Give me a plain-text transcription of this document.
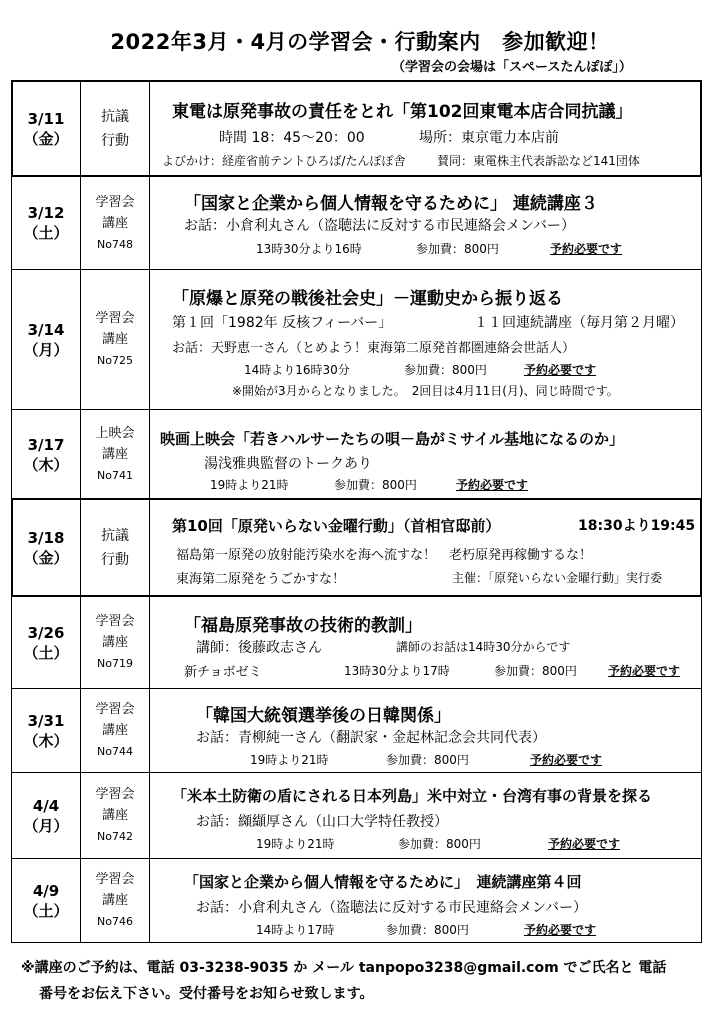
2022年3月・4月の学習会・行動案内　参加歓迎！
（学習会の会場は「スペースたんぽぽ」）
3/11
（金）
抗議
行動
東電は原発事故の責任をとれ「第102回東電本店合同抗議」
時間 18：45〜20：00	場所：東京電力本店前
よびかけ：経産省前テントひろば/たんぽぽ舎	賛同：東電株主代表訴訟など141団体
3/12
（土）
学習会
講座
No748
「国家と企業から個人情報を守るために」 連続講座３
お話：小倉利丸さん（盗聴法に反対する市民連絡会メンバー）
13時30分より16時	参加費：800円	予約必要です
3/14
（月）
学習会
講座
No725
「原爆と原発の戦後社会史」－運動史から振り返る
第１回「1982年 反核フィーバー」	１１回連続講座（毎月第２月曜）
お話：天野恵一さん（とめよう！東海第二原発首都圏連絡会世話人）
14時より16時30分	参加費：800円	予約必要です
※開始が3月からとなりました。　2回目は4月11日(月)、同じ時間です。
3/17
（木）
上映会
講座
No741
映画上映会「若きハルサーたちの唄－島がミサイル基地になるのか」
湯浅雅典監督のトークあり
19時より21時	参加費：800円	予約必要です
3/18
（金）
抗議
行動
第10回「原発いらない金曜行動」（首相官邸前）	18:30より19:45
福島第一原発の放射能汚染水を海へ流すな！　老朽原発再稼働するな！
東海第二原発をうごかすな！	主催：「原発いらない金曜行動」実行委
3/26
（土）
学習会
講座
No719
「福島原発事故の技術的教訓」
講師：後藤政志さん	講師のお話は14時30分からです
新チョボゼミ	13時30分より17時	参加費：800円	予約必要です
3/31
（木）
学習会
講座
No744
「韓国大統領選挙後の日韓関係」
お話：青柳純一さん（翻訳家・金起林記念会共同代表）
19時より21時	参加費：800円	予約必要です
4/4
（月）
学習会
講座
No742
「米本土防衛の盾にされる日本列島」米中対立・台湾有事の背景を探る
お話：纐纈厚さん（山口大学特任教授）
19時より21時	参加費：800円	予約必要です
4/9
（土）
学習会
講座
No746
「国家と企業から個人情報を守るために」　連続講座第４回
お話：小倉利丸さん（盗聴法に反対する市民連絡会メンバー）
14時より17時	参加費：800円	予約必要です
※講座のご予約は、電話 03-3238-9035 か メール tanpopo3238@gmail.com でご氏名と 電話
番号をお伝え下さい。受付番号をお知らせ致します。
